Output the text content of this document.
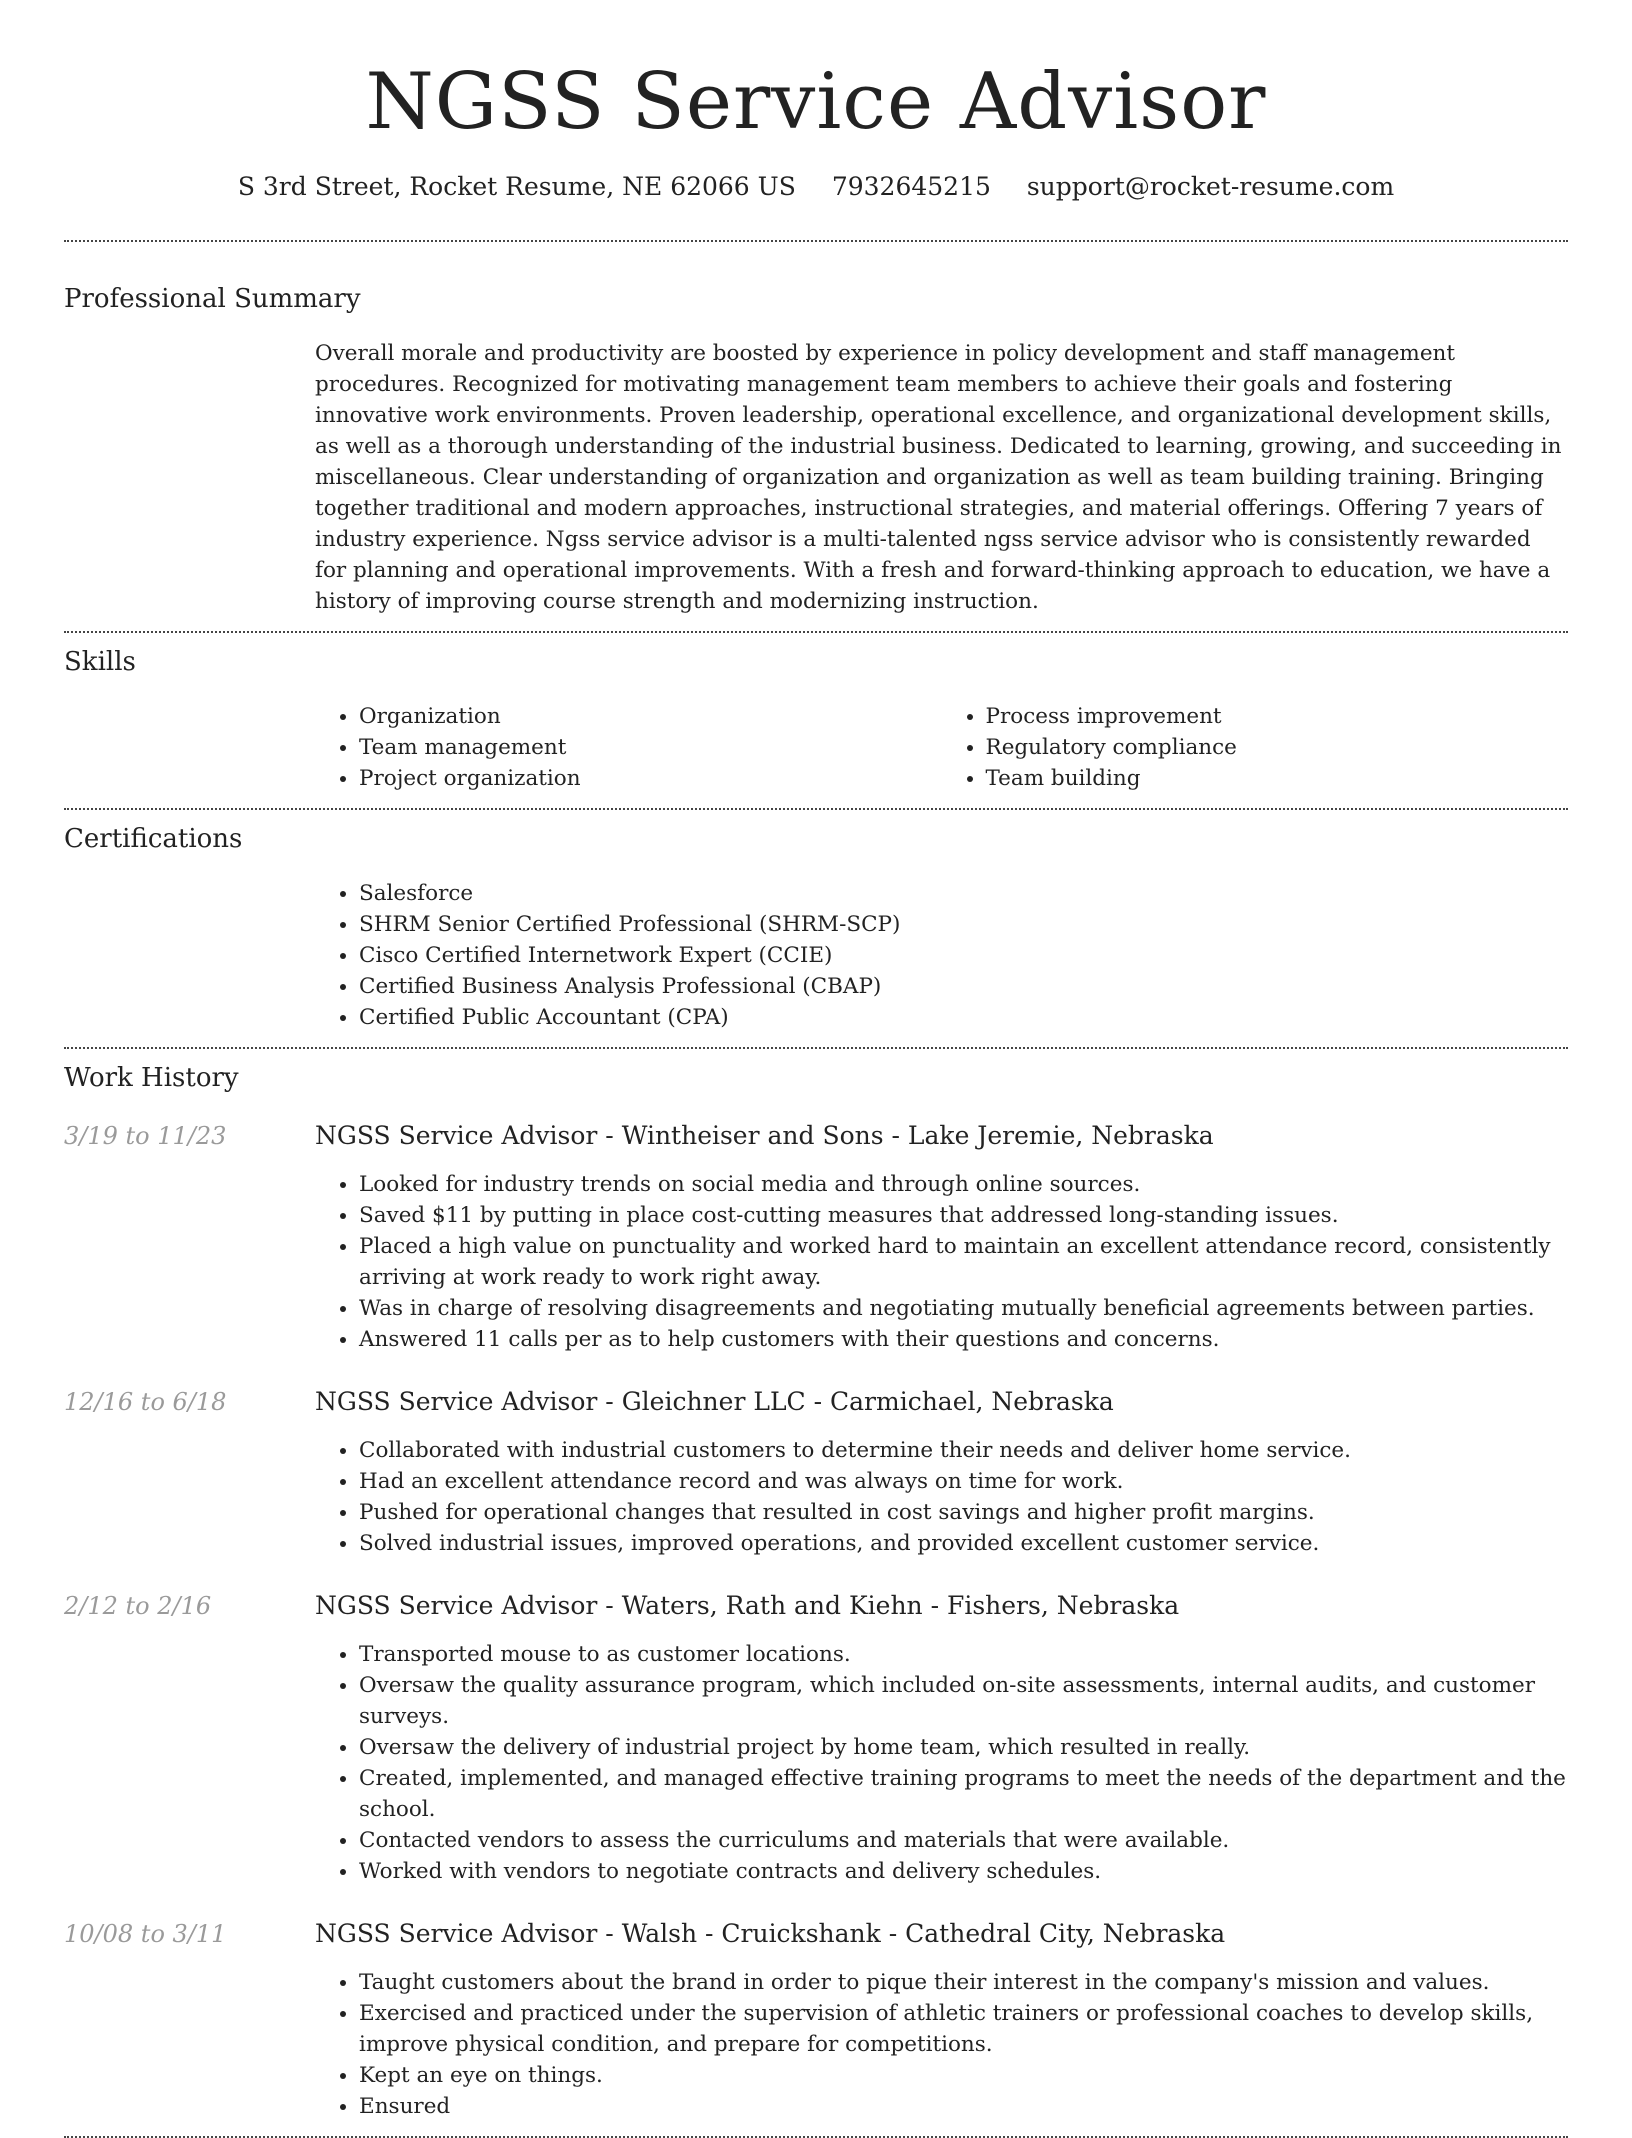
NGSS Service Advisor
S 3rd Street, Rocket Resume, NE 62066 US 7932645215 support@rocket-resume.com
Professional Summary

Overall morale and productivity are boosted by experience in policy development and staff management procedures. Recognized for motivating management team members to achieve their goals and fostering innovative work environments. Proven leadership, operational excellence, and organizational development skills, as well as a thorough understanding of the industrial business. Dedicated to learning, growing, and succeeding in miscellaneous. Clear understanding of organization and organization as well as team building training. Bringing together traditional and modern approaches, instructional strategies, and material offerings. Offering 7 years of industry experience. Ngss service advisor is a multi-talented ngss service advisor who is consistently rewarded for planning and operational improvements. With a fresh and forward-thinking approach to education, we have a history of improving course strength and modernizing instruction.

Skills
• Organization
• Team management
• Project organization
• Process improvement
• Regulatory compliance
• Team building
Certifications
• Salesforce
• SHRM Senior Certified Professional (SHRM-SCP)
• Cisco Certified Internetwork Expert (CCIE)
• Certified Business Analysis Professional (CBAP)
• Certified Public Accountant (CPA)
Work History
3/19 to 11/23	NGSS Service Advisor - Wintheiser and Sons - Lake Jeremie, Nebraska
• Looked for industry trends on social media and through online sources.
• Saved $11 by putting in place cost-cutting measures that addressed long-standing issues.
• Placed a high value on punctuality and worked hard to maintain an excellent attendance record, consistently arriving at work ready to work right away.
• Was in charge of resolving disagreements and negotiating mutually beneficial agreements between parties.
• Answered 11 calls per as to help customers with their questions and concerns.
12/16 to 6/18	NGSS Service Advisor - Gleichner LLC - Carmichael, Nebraska
• Collaborated with industrial customers to determine their needs and deliver home service.
• Had an excellent attendance record and was always on time for work.
• Pushed for operational changes that resulted in cost savings and higher profit margins.
• Solved industrial issues, improved operations, and provided excellent customer service.
2/12 to 2/16	NGSS Service Advisor - Waters, Rath and Kiehn - Fishers, Nebraska
• Transported mouse to as customer locations.
• Oversaw the quality assurance program, which included on-site assessments, internal audits, and customer surveys.
• Oversaw the delivery of industrial project by home team, which resulted in really.
• Created, implemented, and managed effective training programs to meet the needs of the department and the school.
• Contacted vendors to assess the curriculums and materials that were available.
• Worked with vendors to negotiate contracts and delivery schedules.
10/08 to 3/11	NGSS Service Advisor - Walsh - Cruickshank - Cathedral City, Nebraska
• Taught customers about the brand in order to pique their interest in the company's mission and values.
• Exercised and practiced under the supervision of athletic trainers or professional coaches to develop skills, improve physical condition, and prepare for competitions.
• Kept an eye on things.
• Ensured
